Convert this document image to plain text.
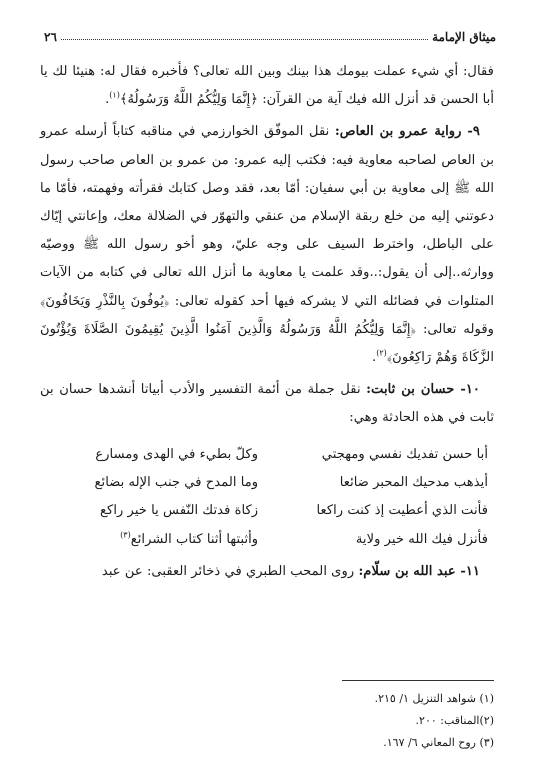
ميثاق الإمامة
٢٦

فقال: أي شيء عملت بيومك هذا بينك وبين الله تعالى؟ فأخبره فقال له: هنيئا لك يا أبا الحسن قد أنزل الله فيك آية من القرآن: ﴿إِنَّمَا وَلِيُّكُمُ اللَّهُ وَرَسُولُهُ﴾$^{(١)}$.

٩- رواية عمرو بن العاص: نقل الموفّق الخوارزمي في مناقبه كتاباً أرسله عمرو بن العاص لصاحبه معاوية فيه: فكتب إليه عمرو: من عمرو بن العاص صاحب رسول الله ﷺ إلى معاوية بن أبي سفيان: أمّا بعد، فقد وصل كتابك فقرأته وفهمته، فأمّا ما دعوتني إليه من خلع ربقة الإسلام من عنقي والتهوّر في الضلالة معك، وإعانتي إيّاك على الباطل، واخترط السيف على وجه عليّ، وهو أخو رسول الله ﷺ ووصيّه ووارثه..إلى أن يقول:..وقد علمت يا معاوية ما أنزل الله تعالى في كتابه من الآيات المتلوات في فضائله التي لا يشركه فيها أحد كقوله تعالى: ﴿يُوفُونَ بِالنَّذْرِ وَيَخَافُونَ﴾ وقوله تعالى: ﴿إِنَّمَا وَلِيُّكُمُ اللَّهُ وَرَسُولُهُ وَالَّذِينَ آمَنُوا الَّذِينَ يُقِيمُونَ الصَّلَاةَ وَيُؤْتُونَ الزَّكَاةَ وَهُمْ رَاكِعُونَ﴾$^{(٢)}$.

١٠- حسان بن ثابت: نقل جملة من أئمة التفسير والأدب أبياتا أنشدها حسان بن ثابت في هذه الحادثة وهي:

أبا حسن تفديك نفسي ومهجتي
وكلّ بطيء في الهدى ومسارع
أيذهب مدحيك المحبر ضائعا
وما المدح في جنب الإله بضائع
فأنت الذي أعطيت إذ كنت راكعا
زكاة فدتك النّفس يا خير راكع
فأنزل فيك الله خير ولاية
وأثبتها أثنا كتاب الشرائع$^{(٣)}$

١١- عبد الله بن سلّام: روى المحب الطبري في ذخائر العقبى: عن عبد

(١) شواهد التنزيل ١/ ٢١٥.
(٢)المناقب: ٢٠٠.
(٣) روح المعاني ٦/ ١٦٧.
